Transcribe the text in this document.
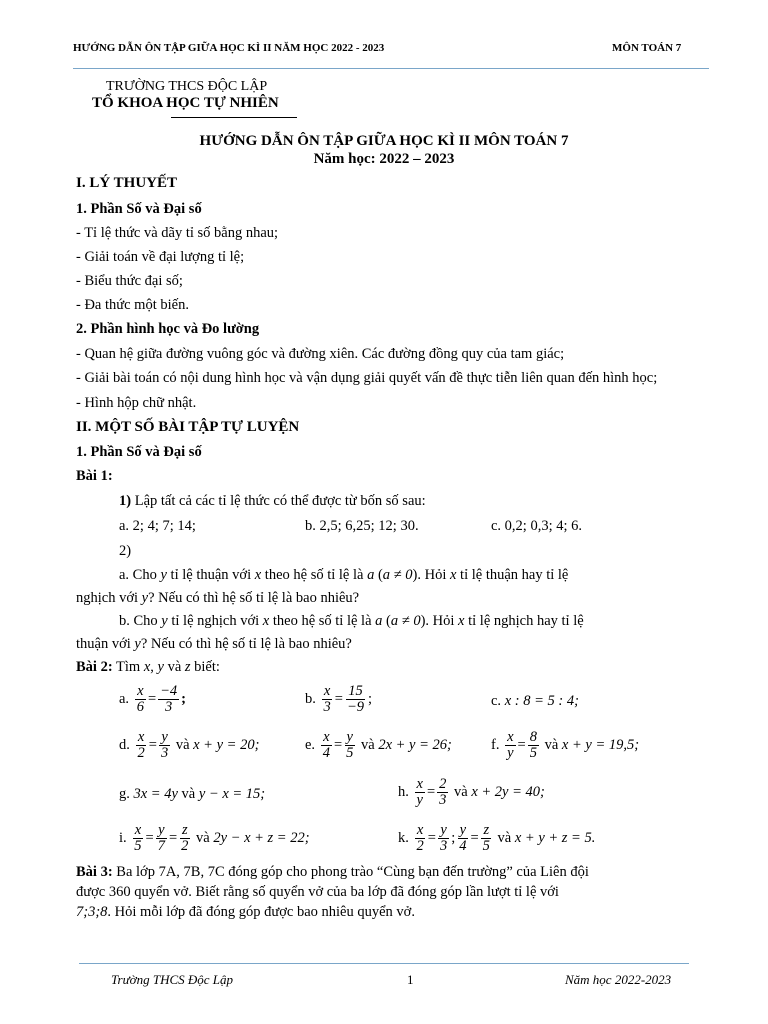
HƯỚNG DẪN ÔN TẬP GIỮA HỌC KÌ II NĂM HỌC 2022 - 2023	MÔN TOÁN 7
TRƯỜNG THCS ĐỘC LẬP
TỔ KHOA HỌC TỰ NHIÊN
HƯỚNG DẪN ÔN TẬP GIỮA HỌC KÌ II MÔN TOÁN 7
Năm học: 2022 – 2023
I. LÝ THUYẾT
1. Phần Số và Đại số
- Tỉ lệ thức và dãy tỉ số bằng nhau;
- Giải toán về đại lượng tỉ lệ;
- Biểu thức đại số;
- Đa thức một biến.
2. Phần hình học và Đo lường
- Quan hệ giữa đường vuông góc và đường xiên. Các đường đồng quy của tam giác;
- Giải bài toán có nội dung hình học và vận dụng giải quyết vấn đề thực tiễn liên quan đến hình học;
- Hình hộp chữ nhật.
II. MỘT SỐ BÀI TẬP TỰ LUYỆN
1. Phần Số và Đại số
Bài 1:
1) Lập tất cả các tỉ lệ thức có thể được từ bốn số sau:
a. 2; 4; 7; 14;	b. 2,5; 6,25; 12; 30.	c. 0,2; 0,3; 4; 6.
2)
a. Cho y tỉ lệ thuận với x theo hệ số tỉ lệ là a (a ≠ 0). Hỏi x tỉ lệ thuận hay tỉ lệ
nghịch với y? Nếu có thì hệ số tỉ lệ là bao nhiêu?
b. Cho y tỉ lệ nghịch với x theo hệ số tỉ lệ là a (a ≠ 0). Hỏi x tỉ lệ nghịch hay tỉ lệ
thuận với y? Nếu có thì hệ số tỉ lệ là bao nhiêu?
Bài 2: Tìm x, y và z biết:
a. $\frac{x}{6} = \frac{-4}{3}$ ;	b. $\frac{x}{3} = \frac{15}{-9}$ ;	c. x : 8 = 5 : 4;
d. $\frac{x}{2} = \frac{y}{3}$ và x + y = 20;	e. $\frac{x}{4} = \frac{y}{5}$ và 2x + y = 26;	f. $\frac{x}{y} = \frac{8}{5}$ và x + y = 19,5;
g. 3x = 4y và y − x = 15;	h. $\frac{x}{y} = \frac{2}{3}$ và x + 2y = 40;
i. $\frac{x}{5} = \frac{y}{7} = \frac{z}{2}$ và 2y − x + z = 22;	k. $\frac{x}{2} = \frac{y}{3}$ ; $\frac{y}{4} = \frac{z}{5}$ và x + y + z = 5.
Bài 3: Ba lớp 7A, 7B, 7C đóng góp cho phong trào “Cùng bạn đến trường” của Liên đội
được 360 quyển vở. Biết rằng số quyển vở của ba lớp đã đóng góp lần lượt tỉ lệ với
7;3;8. Hỏi mỗi lớp đã đóng góp được bao nhiêu quyển vở.
Trường THCS Độc Lập	1	Năm học 2022-2023
